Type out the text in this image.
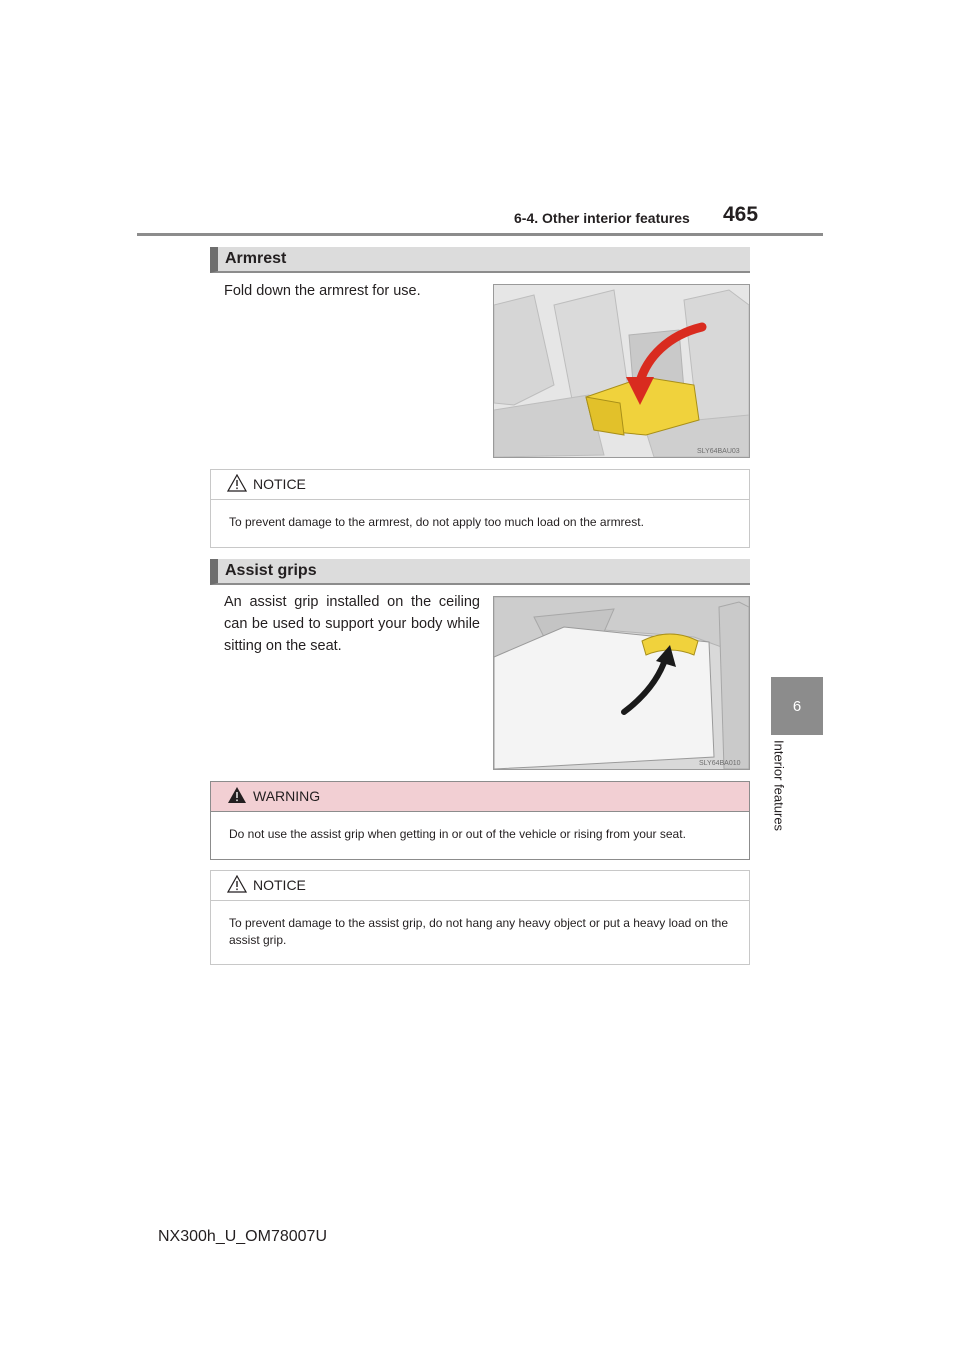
6-4. Other interior features 465
6
Interior features
Armrest
Fold down the armrest for use.
SLY64BAU03
NOTICE
To prevent damage to the armrest, do not apply too much load on the armrest.
Assist grips
An assist grip installed on the ceiling can be used to support your body while sitting on the seat.
SLY64BA010
WARNING
Do not use the assist grip when getting in or out of the vehicle or rising from your seat.
NOTICE
To prevent damage to the assist grip, do not hang any heavy object or put a heavy load on the assist grip.
NX300h_U_OM78007U
